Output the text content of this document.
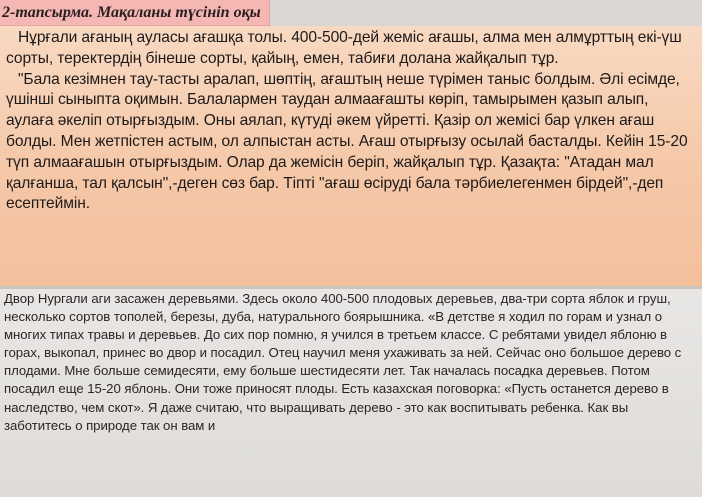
2-тапсырма. Мақаланы түсініп оқы

Нұрғали ағаның ауласы ағашқа толы. 400-500-дей жеміс ағашы, алма мен алмұрттың екі-үш сорты, теректердің бінеше сорты, қайың, емен, табиғи долана жайқалып тұр.

"Бала кезімнен тау-тасты аралап, шөптің, ағаштың неше түрімен таныс болдым. Әлі есімде, үшінші сыныпта оқимын. Балалармен таудан алмаағашты көріп, тамырымен қазып алып, аулаға әкеліп отырғыздым. Оны аялап, күтуді әкем үйретті. Қазір ол жемісі бар үлкен ағаш болды. Мен жетпістен астым, ол алпыстан асты. Ағаш отырғызу осылай басталды. Кейін 15-20 түп алмаағашын отырғыздым. Олар да жемісін беріп, жайқалып тұр. Қазақта: "Атадан мал қалғанша, тал қалсын",-деген сөз бар. Тіпті "ағаш өсіруді бала тәрбиелегенмен бірдей",-деп есептеймін.

Двор Нургали аги засажен деревьями. Здесь около 400-500 плодовых деревьев, два-три сорта яблок и груш, несколько сортов тополей, березы, дуба, натурального боярышника. «В детстве я ходил по горам и узнал о многих типах травы и деревьев. До сих пор помню, я учился в третьем классе. С ребятами увидел яблоню в горах, выкопал, принес во двор и посадил. Отец научил меня ухаживать за ней. Сейчас оно большое дерево с плодами. Мне больше семидесяти, ему больше шестидесяти лет. Так началась посадка деревьев. Потом посадил еще 15-20 яблонь. Они тоже приносят плоды. Есть казахская поговорка: «Пусть останется дерево в наследство, чем скот». Я даже считаю, что выращивать дерево - это как воспитывать ребенка. Как вы заботитесь о природе так он вам и
